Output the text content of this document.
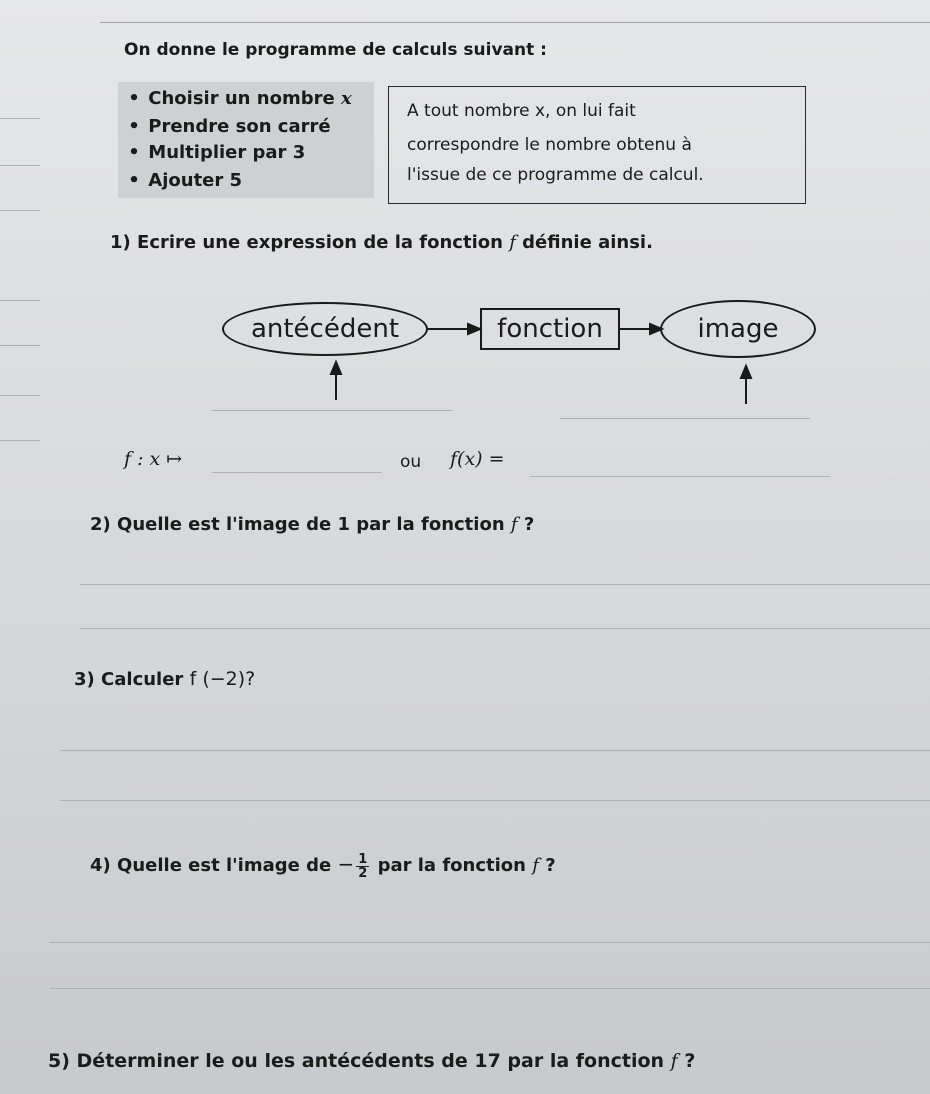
On donne le programme de calculs suivant :
• Choisir un nombre x
• Prendre son carré
• Multiplier par 3
• Ajouter 5
A tout nombre x, on lui fait
correspondre le nombre obtenu à
l'issue de ce programme de calcul.
1) Ecrire une expression de la fonction f définie ainsi.
antécédent	fonction	image
f : x ↦	ou f(x) =
2) Quelle est l'image de 1 par la fonction f ?
3) Calculer f (−2)?
4) Quelle est l'image de − $\frac{1}{2}$ par la fonction f ?
5) Déterminer le ou les antécédents de 17 par la fonction f ?
